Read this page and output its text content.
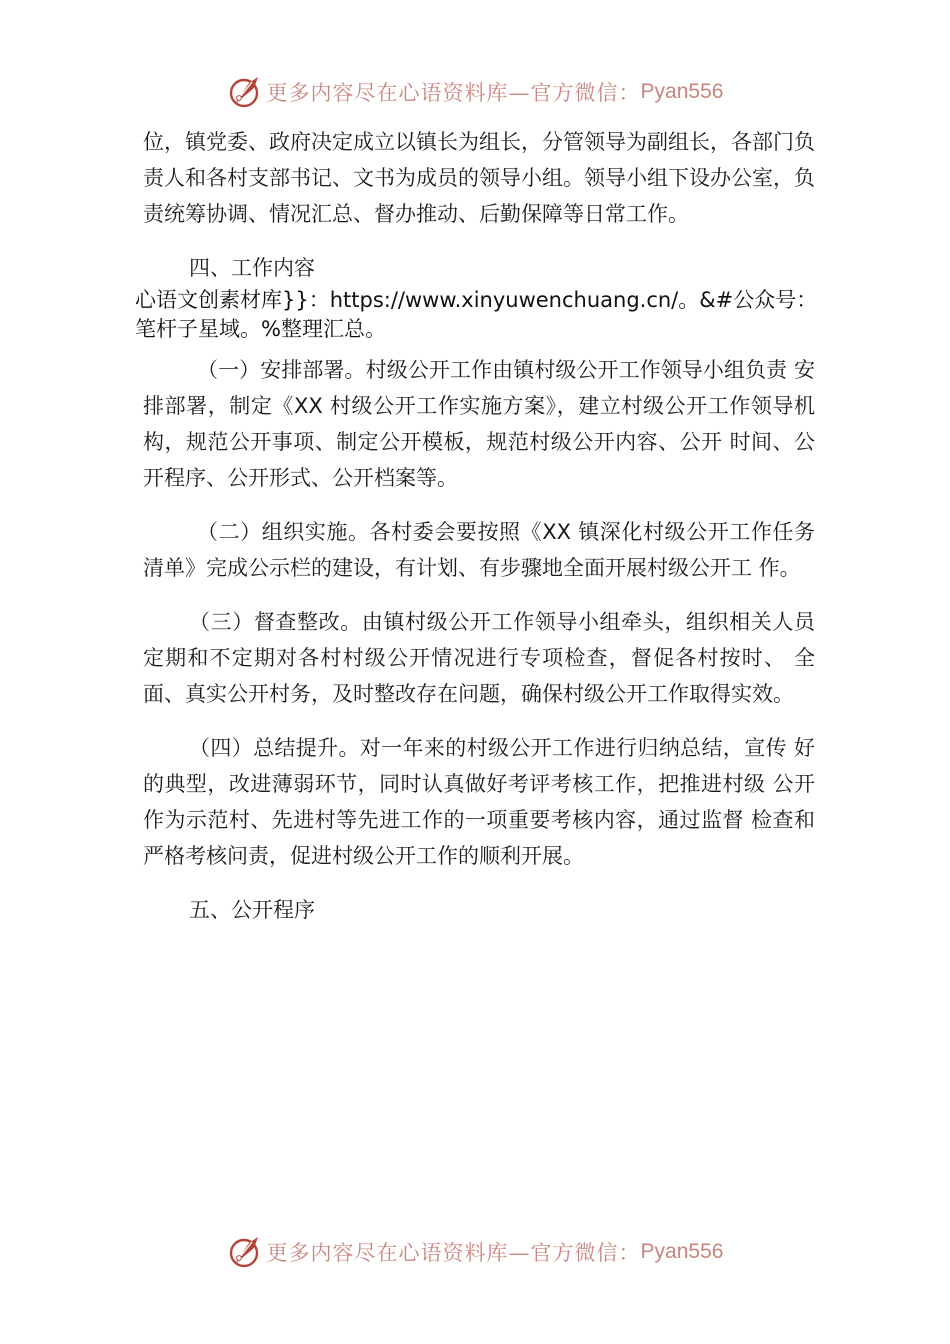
更多内容尽在心语资料库—官方微信： Pyan556

位，镇党委、政府决定成立以镇长为组长，分管领导为副组长，各部门负责人和各村支部书记、文书为成员的领导小组。领导小组下设办公室，负责统筹协调、情况汇总、督办推动、后勤保障等日常工作。

四、工作内容

心语文创素材库}}：https://www.xinyuwenchuang.cn/。&#公众号：笔杆子星域。%整理汇总。

（一）安排部署。村级公开工作由镇村级公开工作领导小组负责 安排部署，制定《XX 村级公开工作实施方案》，建立村级公开工作领导机构，规范公开事项、制定公开模板，规范村级公开内容、公开 时间、公开程序、公开形式、公开档案等。

（二）组织实施。各村委会要按照《XX 镇深化村级公开工作任务清单》完成公示栏的建设，有计划、有步骤地全面开展村级公开工 作。

（三）督查整改。由镇村级公开工作领导小组牵头，组织相关人员定期和不定期对各村村级公开情况进行专项检查，督促各村按时、 全面、真实公开村务，及时整改存在问题，确保村级公开工作取得实效。

（四）总结提升。对一年来的村级公开工作进行归纳总结，宣传 好的典型，改进薄弱环节，同时认真做好考评考核工作，把推进村级 公开作为示范村、先进村等先进工作的一项重要考核内容，通过监督 检查和严格考核问责，促进村级公开工作的顺利开展。

五、公开程序

更多内容尽在心语资料库—官方微信： Pyan556
